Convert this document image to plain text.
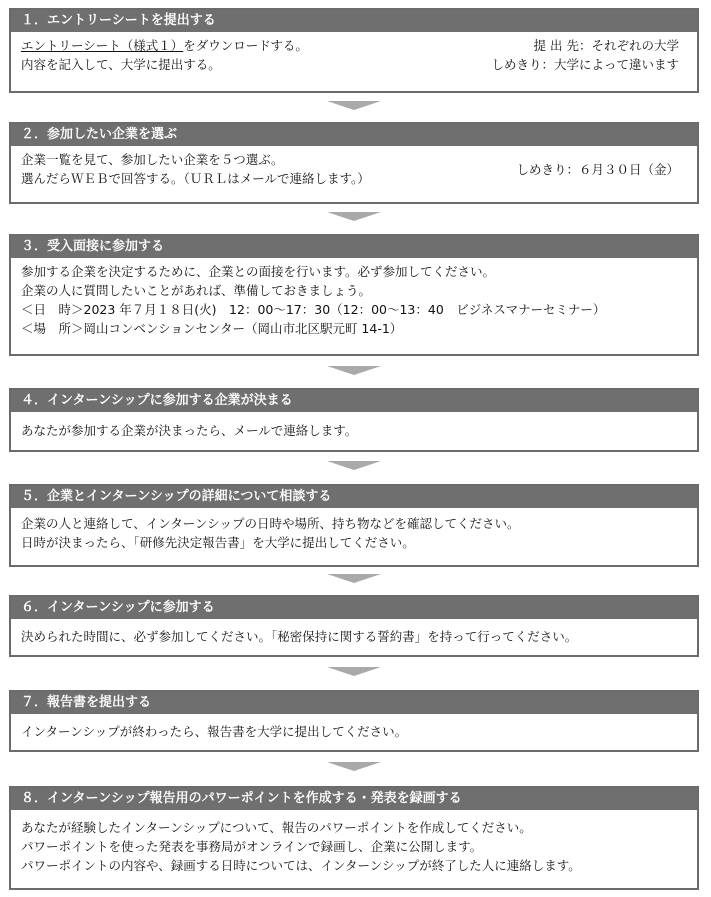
１．エントリーシートを提出する
エントリーシート（様式１）をダウンロードする。
内容を記入して、大学に提出する。
提 出 先：それぞれの大学
しめきり：大学によって違います
２．参加したい企業を選ぶ
企業一覧を見て、参加したい企業を５つ選ぶ。
選んだらＷＥＢで回答する。（ＵＲＬはメールで連絡します。）
しめきり：６月３０日（金）
３．受入面接に参加する
参加する企業を決定するために、企業との面接を行います。必ず参加してください。
企業の人に質問したいことがあれば、準備しておきましょう。
＜日　時＞2023 年７月１８日(火)　12：00～17：30（12：00～13：40　ビジネスマナーセミナー）
＜場　所＞岡山コンベンションセンター（岡山市北区駅元町 14-1）
４．インターンシップに参加する企業が決まる
あなたが参加する企業が決まったら、メールで連絡します。
５．企業とインターンシップの詳細について相談する
企業の人と連絡して、インターンシップの日時や場所、持ち物などを確認してください。
日時が決まったら、「研修先決定報告書」を大学に提出してください。
６．インターンシップに参加する
決められた時間に、必ず参加してください。「秘密保持に関する誓約書」を持って行ってください。
７．報告書を提出する
インターンシップが終わったら、報告書を大学に提出してください。
８．インターンシップ報告用のパワーポイントを作成する・発表を録画する
あなたが経験したインターンシップについて、報告のパワーポイントを作成してください。
パワーポイントを使った発表を事務局がオンラインで録画し、企業に公開します。
パワーポイントの内容や、録画する日時については、インターンシップが終了した人に連絡します。
